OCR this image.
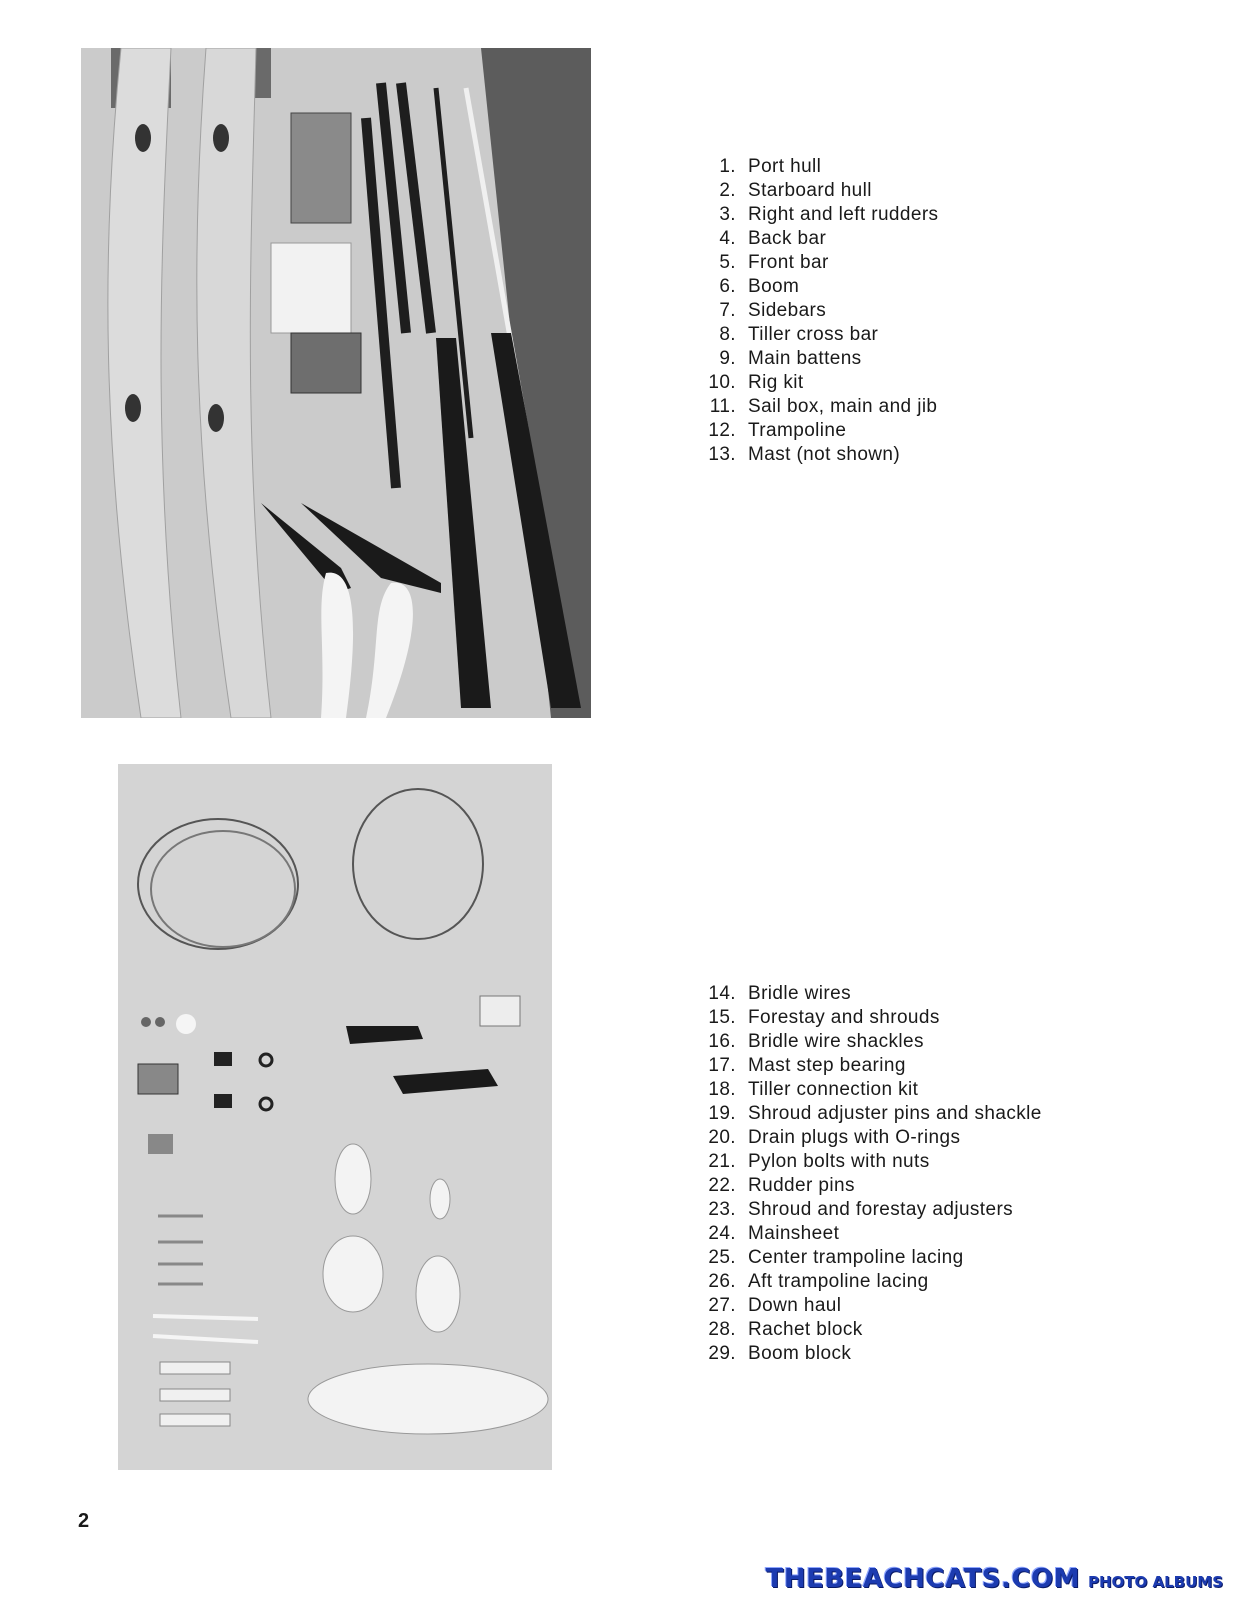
1. Port hull
2. Starboard hull
3. Right and left rudders
4. Back bar
5. Front bar
6. Boom
7. Sidebars
8. Tiller cross bar
9. Main battens
10. Rig kit
11. Sail box, main and jib
12. Trampoline
13. Mast (not shown)
14. Bridle wires
15. Forestay and shrouds
16. Bridle wire shackles
17. Mast step bearing
18. Tiller connection kit
19. Shroud adjuster pins and shackle
20. Drain plugs with O-rings
21. Pylon bolts with nuts
22. Rudder pins
23. Shroud and forestay adjusters
24. Mainsheet
25. Center trampoline lacing
26. Aft trampoline lacing
27. Down haul
28. Rachet block
29. Boom block
2
THEBEACHCATS.COM PHOTO ALBUMS
